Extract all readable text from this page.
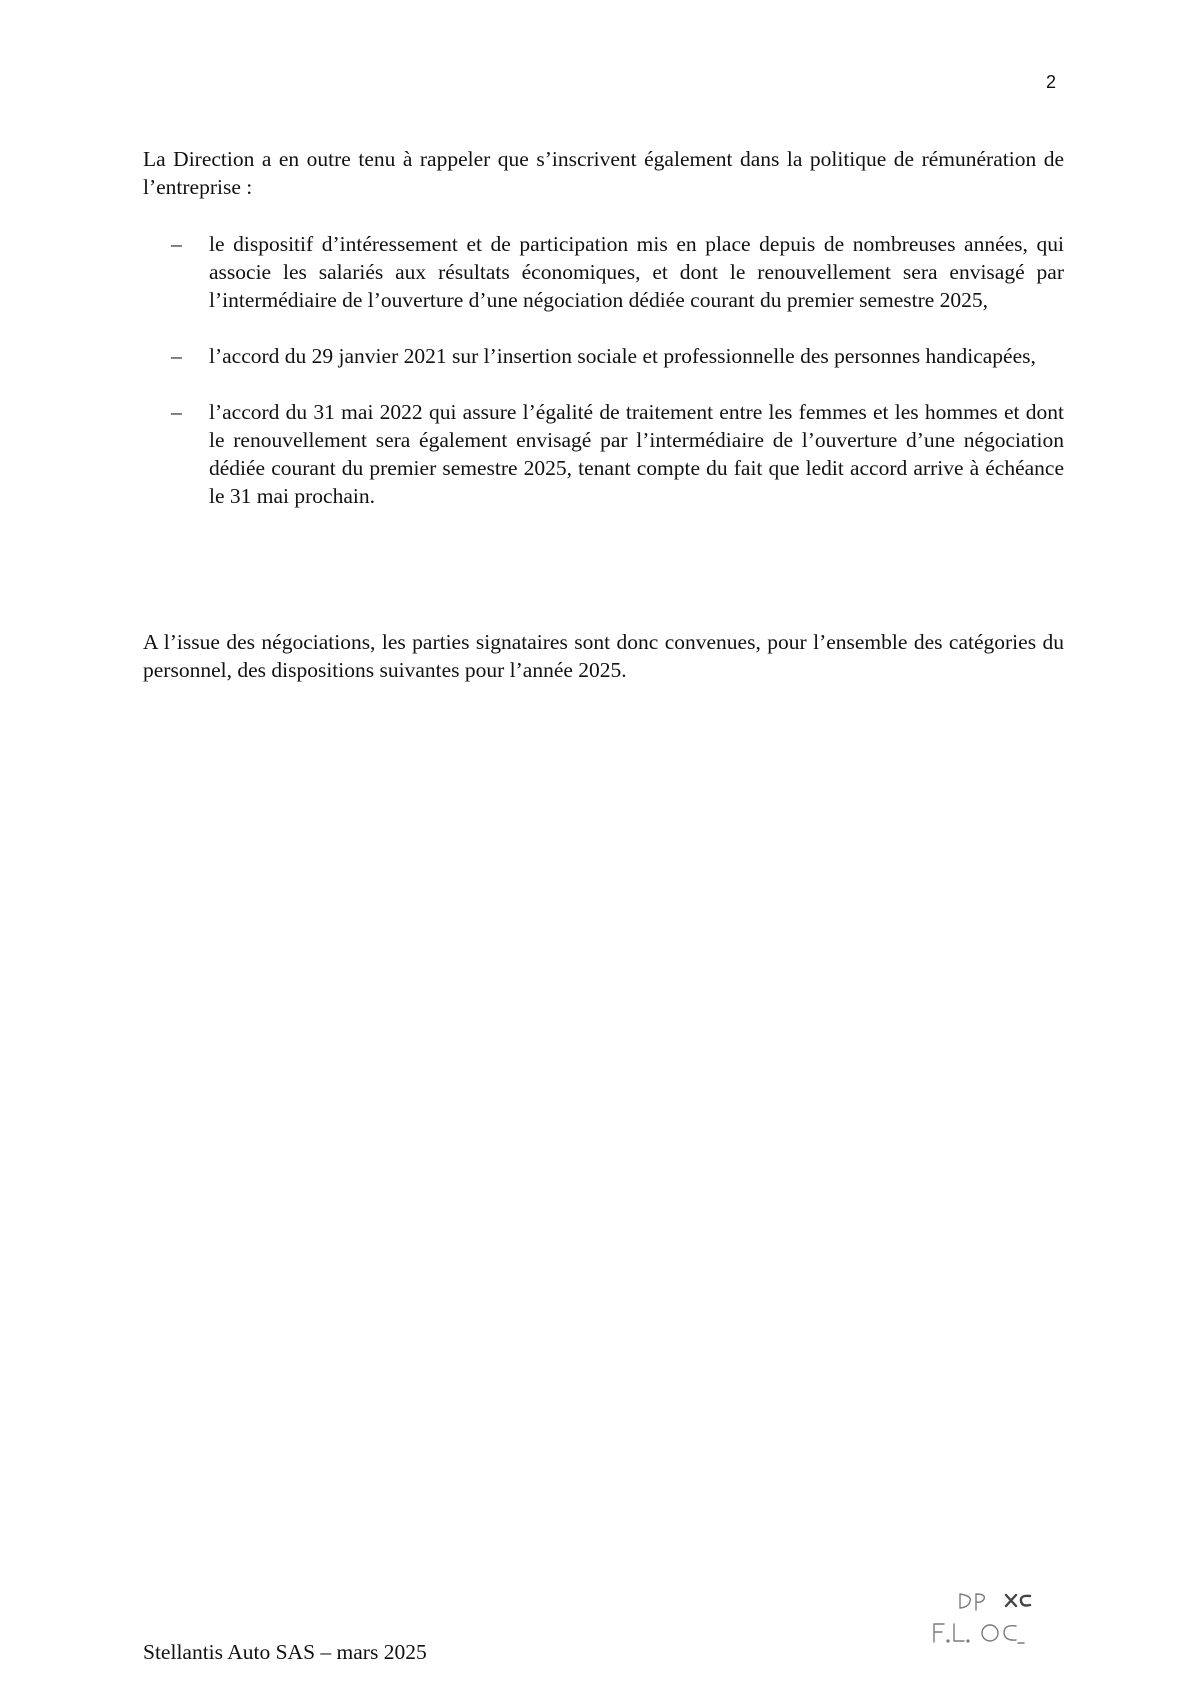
2

La Direction a en outre tenu à rappeler que s’inscrivent également dans la politique de rémunération de l’entreprise :

– le dispositif d’intéressement et de participation mis en place depuis de nombreuses années, qui associe les salariés aux résultats économiques, et dont le renouvellement sera envisagé par l’intermédiaire de l’ouverture d’une négociation dédiée courant du premier semestre 2025,
– l’accord du 29 janvier 2021 sur l’insertion sociale et professionnelle des personnes handicapées,
– l’accord du 31 mai 2022 qui assure l’égalité de traitement entre les femmes et les hommes et dont le renouvellement sera également envisagé par l’intermédiaire de l’ouverture d’une négociation dédiée courant du premier semestre 2025, tenant compte du fait que ledit accord arrive à échéance le 31 mai prochain.

A l’issue des négociations, les parties signataires sont donc convenues, pour l’ensemble des catégories du personnel, des dispositions suivantes pour l’année 2025.

Stellantis Auto SAS – mars 2025
